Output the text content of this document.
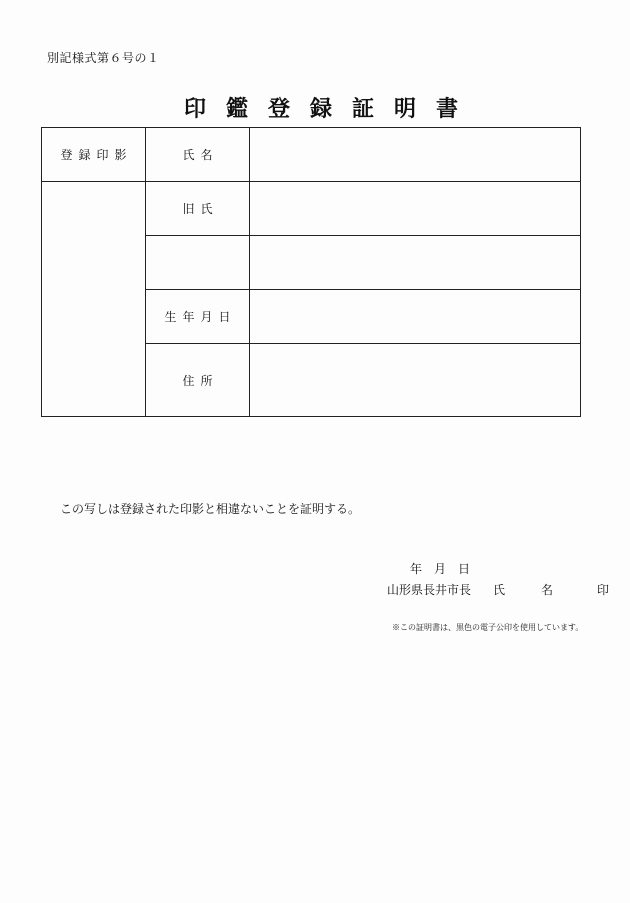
別記様式第６号の１
印鑑登録証明書
登録印影	氏名	
	旧氏	

	生年月日	
	住所	
この写しは登録された印影と相違ないことを証明する。
年　月　日
山形県長井市長 氏　　　名	印
※この証明書は、黒色の電子公印を使用しています。
